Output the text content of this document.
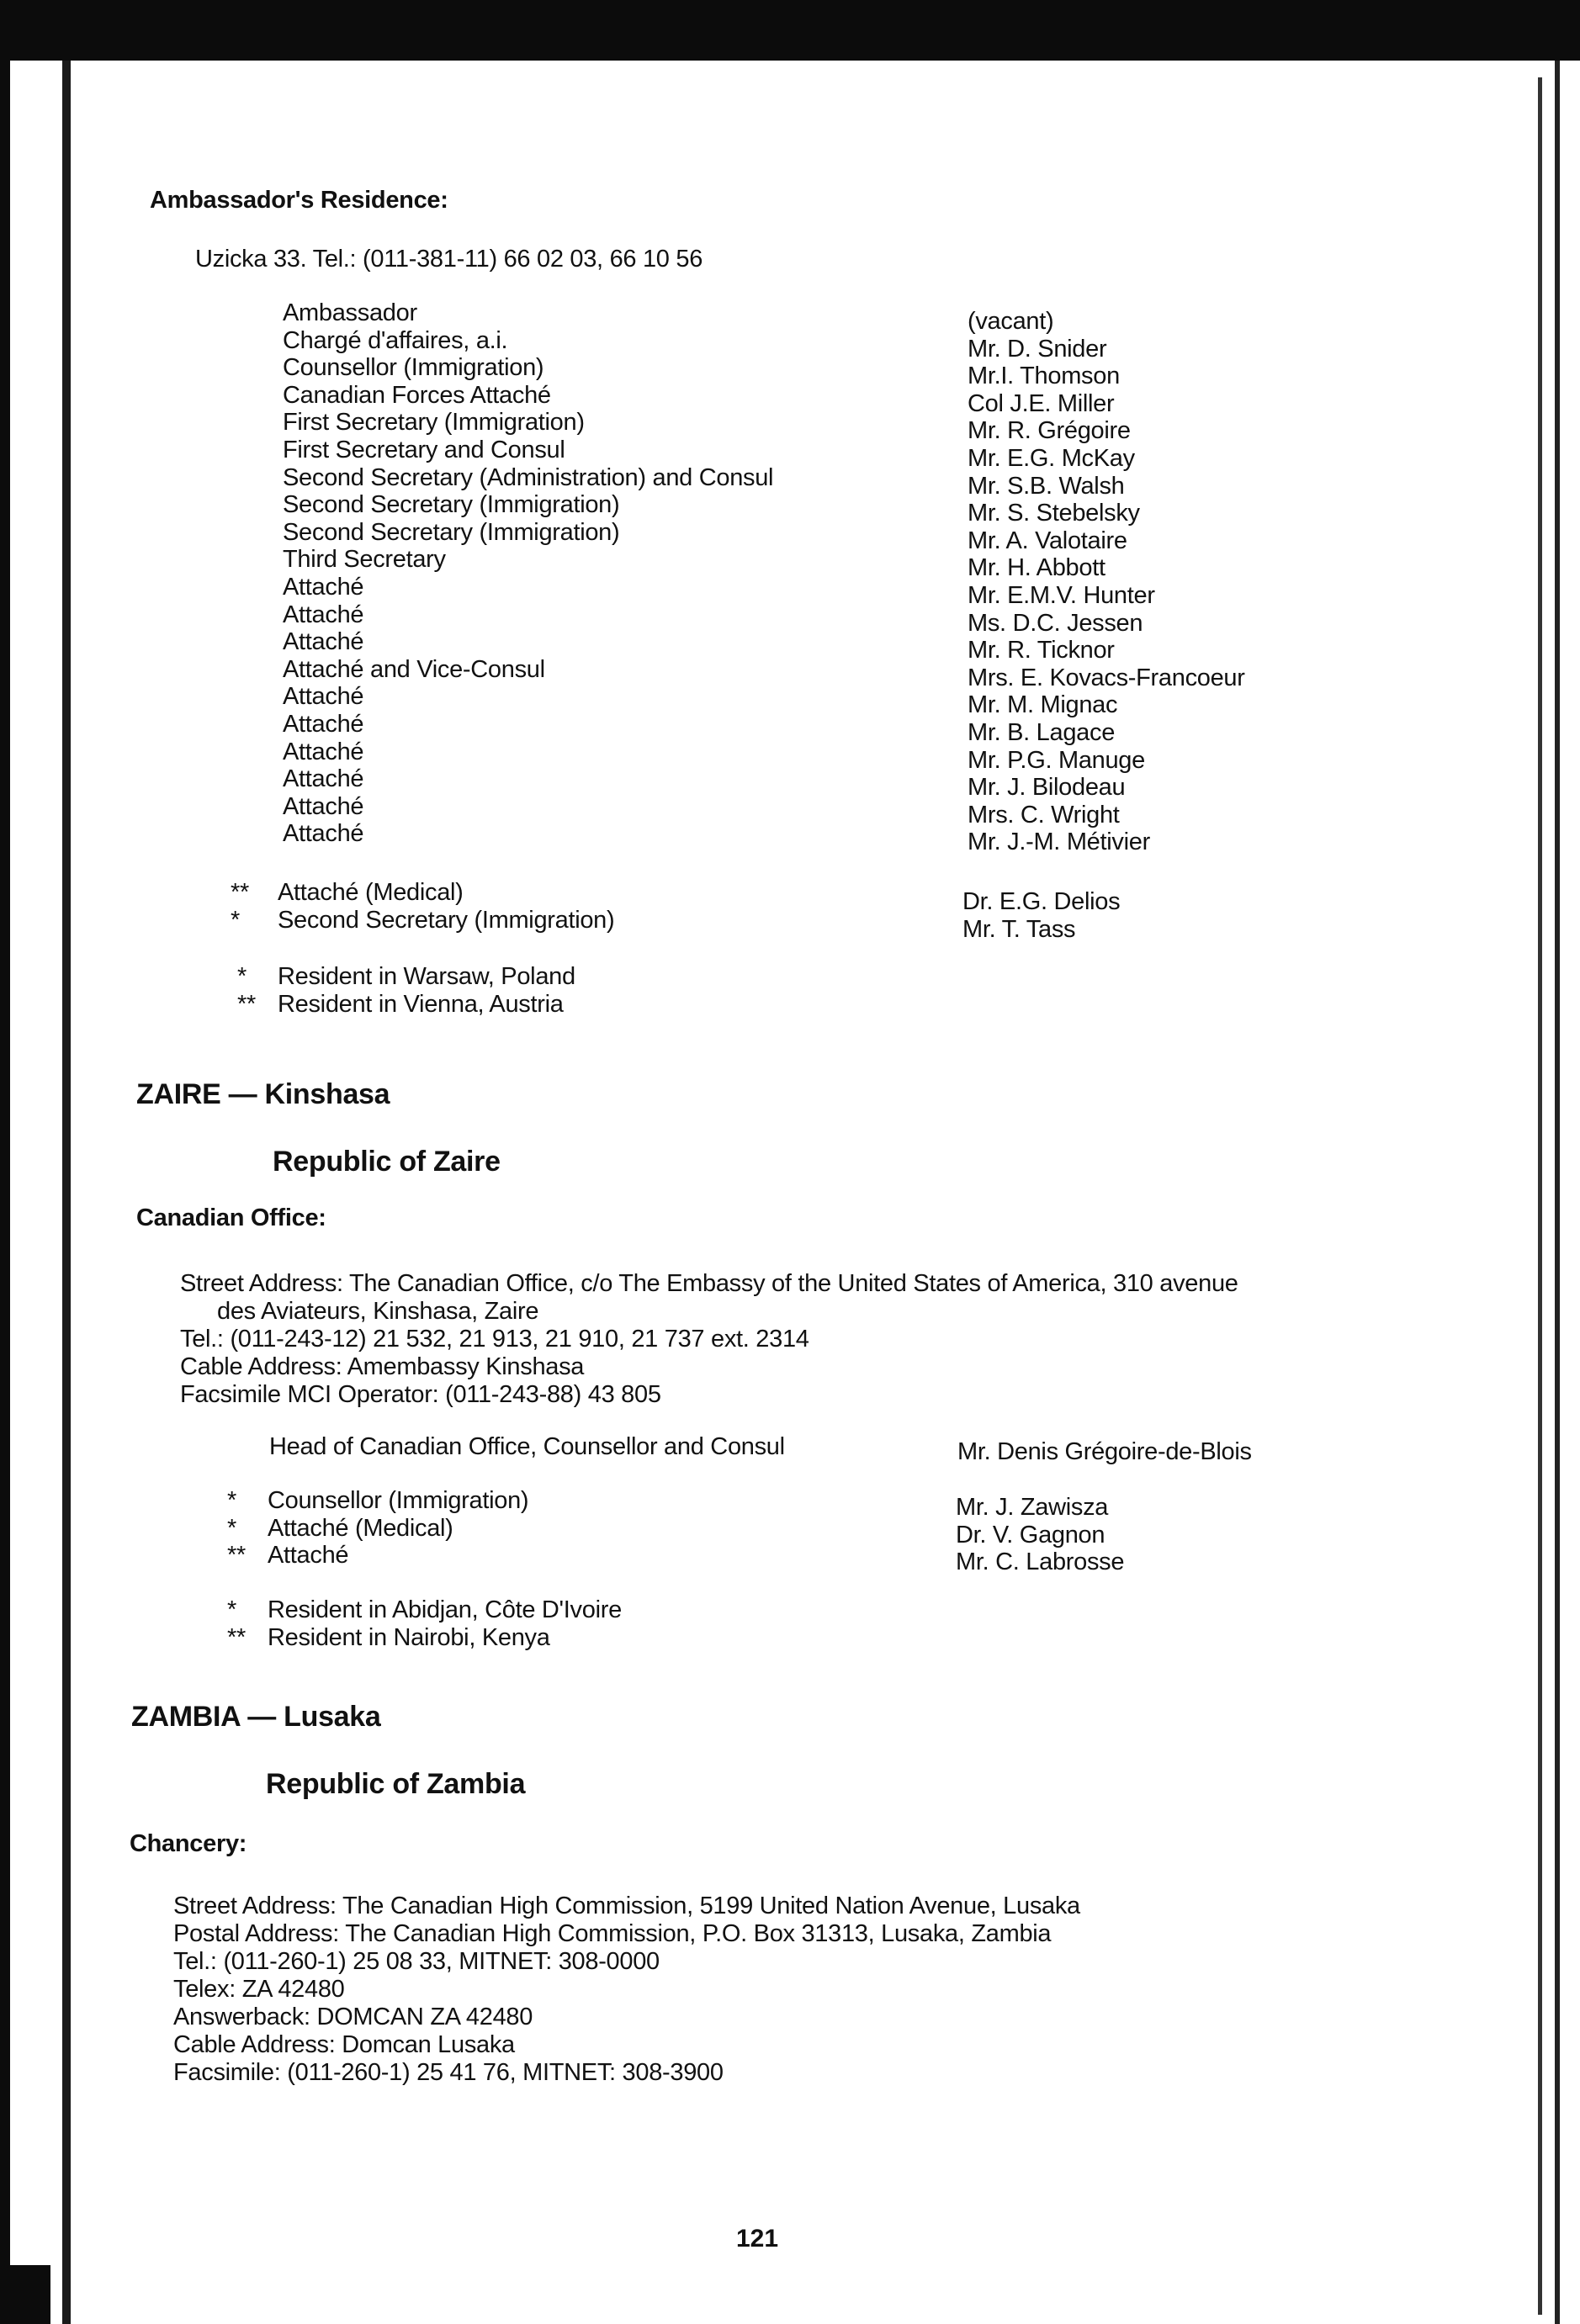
Ambassador's Residence:
Uzicka 33. Tel.: (011-381-11) 66 02 03, 66 10 56
Ambassador
Chargé d'affaires, a.i.
Counsellor (Immigration)
Canadian Forces Attaché
First Secretary (Immigration)
First Secretary and Consul
Second Secretary (Administration) and Consul
Second Secretary (Immigration)
Second Secretary (Immigration)
Third Secretary
Attaché
Attaché
Attaché
Attaché and Vice-Consul
Attaché
Attaché
Attaché
Attaché
Attaché
Attaché
(vacant)
Mr. D. Snider
Mr.I. Thomson
Col J.E. Miller
Mr. R. Grégoire
Mr. E.G. McKay
Mr. S.B. Walsh
Mr. S. Stebelsky
Mr. A. Valotaire
Mr. H. Abbott
Mr. E.M.V. Hunter
Ms. D.C. Jessen
Mr. R. Ticknor
Mrs. E. Kovacs-Francoeur
Mr. M. Mignac
Mr. B. Lagace
Mr. P.G. Manuge
Mr. J. Bilodeau
Mrs. C. Wright
Mr. J.-M. Métivier
**
*
Attaché (Medical)
Second Secretary (Immigration)
Dr. E.G. Delios
Mr. T. Tass
*
**
Resident in Warsaw, Poland
Resident in Vienna, Austria
ZAIRE — Kinshasa
Republic of Zaire
Canadian Office:
Street Address: The Canadian Office, c/o The Embassy of the United States of America, 310 avenue
des Aviateurs, Kinshasa, Zaire
Tel.: (011-243-12) 21 532, 21 913, 21 910, 21 737 ext. 2314
Cable Address: Amembassy Kinshasa
Facsimile MCI Operator: (011-243-88) 43 805
Head of Canadian Office, Counsellor and Consul	Mr. Denis Grégoire-de-Blois
*
*
**
Counsellor (Immigration)
Attaché (Medical)
Attaché
Mr. J. Zawisza
Dr. V. Gagnon
Mr. C. Labrosse
*
**
Resident in Abidjan, Côte D'Ivoire
Resident in Nairobi, Kenya
ZAMBIA — Lusaka
Republic of Zambia
Chancery:
Street Address: The Canadian High Commission, 5199 United Nation Avenue, Lusaka
Postal Address: The Canadian High Commission, P.O. Box 31313, Lusaka, Zambia
Tel.: (011-260-1) 25 08 33, MITNET: 308-0000
Telex: ZA 42480
Answerback: DOMCAN ZA 42480
Cable Address: Domcan Lusaka
Facsimile: (011-260-1) 25 41 76, MITNET: 308-3900
121
